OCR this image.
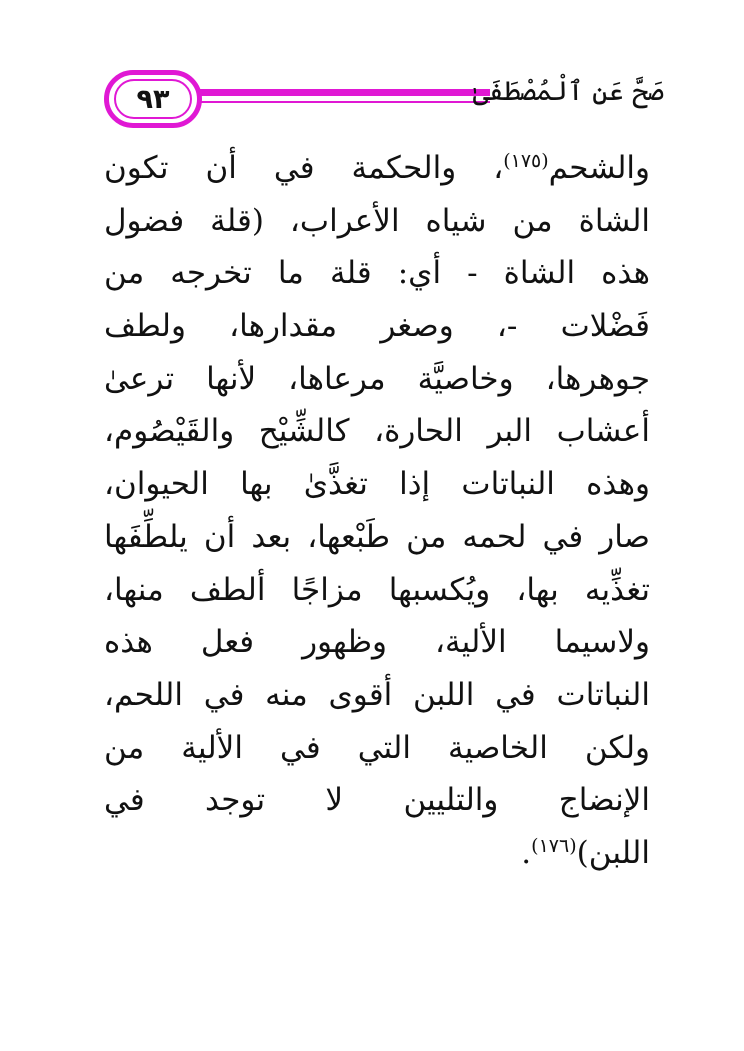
٩٣	صَحَّ عَنِ ٱلْمُصْطَفَىٰ
والشحم$^{(١٧٥)}$، والحكمة في أن تكون
الشاة من شياه الأعراب، (قلة فضول
هذه الشاة - أي: قلة ما تخرجه من
فَضْلات -، وصغر مقدارها، ولطف
جوهرها، وخاصيَّة مرعاها، لأنها ترعىٰ
أعشاب البر الحارة، كالشِّيْح والقَيْصُوم،
وهذه النباتات إذا تغذَّىٰ بها الحيوان،
صار في لحمه من طَبْعها، بعد أن يلطِّفَها
تغذِّيه بها، ويُكسبها مزاجًا ألطف منها،
ولاسيما الألية، وظهور فعل هذه
النباتات في اللبن أقوى منه في اللحم،
ولكن الخاصية التي في الألية من
الإنضاج والتليين لا توجد في
اللبن)$^{(١٧٦)}$.
